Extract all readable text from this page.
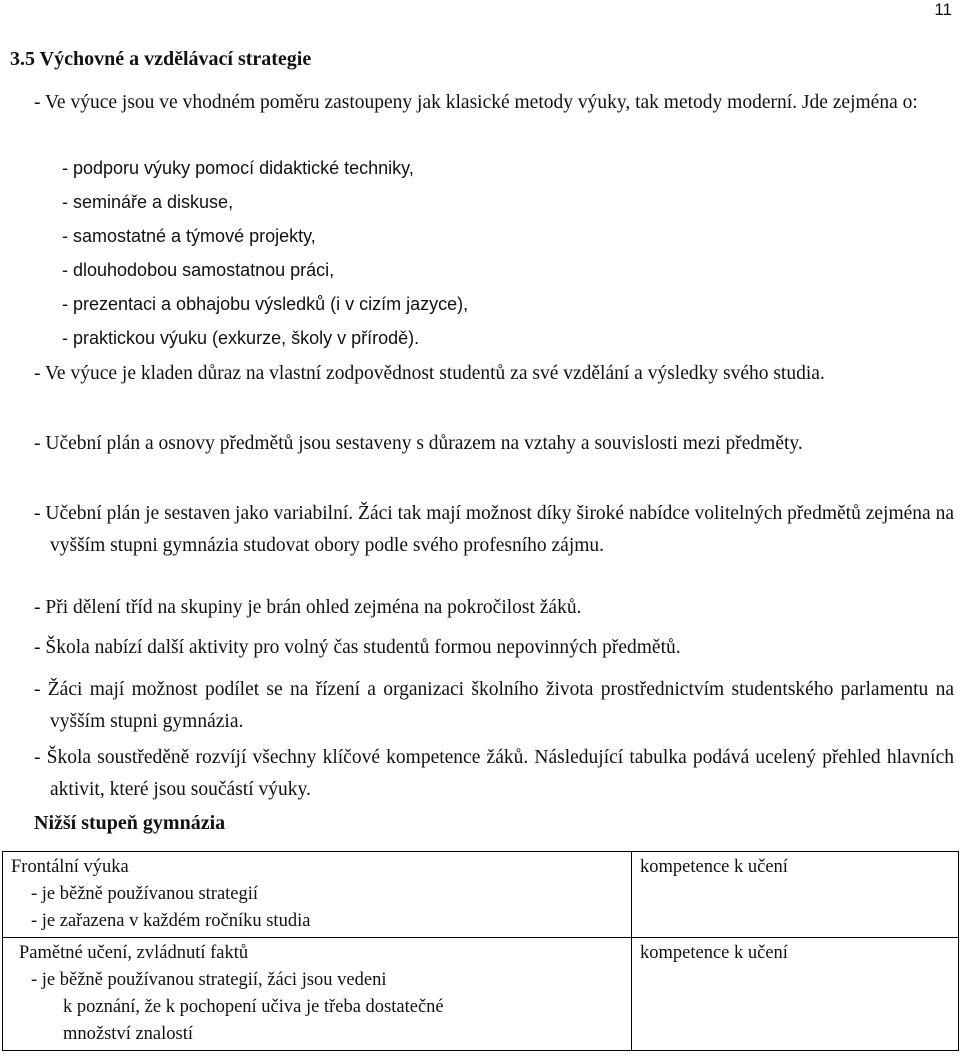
11
3.5 Výchovné a vzdělávací strategie
- Ve výuce jsou ve vhodném poměru zastoupeny jak klasické metody výuky, tak metody moderní. Jde zejména o:
- podporu výuky pomocí didaktické techniky,
- semináře a diskuse,
- samostatné a týmové projekty,
- dlouhodobou samostatnou práci,
- prezentaci a obhajobu výsledků (i v cizím jazyce),
- praktickou výuku (exkurze, školy v přírodě).
- Ve výuce je kladen důraz na vlastní zodpovědnost studentů za své vzdělání a výsledky svého studia.
- Učební plán a osnovy předmětů jsou sestaveny s důrazem na vztahy a souvislosti mezi předměty.
- Učební plán je sestaven jako variabilní. Žáci tak mají možnost díky široké nabídce volitelných předmětů zejména na vyšším stupni gymnázia studovat obory podle svého profesního zájmu.
- Při dělení tříd na skupiny je brán ohled zejména na pokročilost žáků.
- Škola nabízí další aktivity pro volný čas studentů formou nepovinných předmětů.
- Žáci mají možnost podílet se na řízení a organizaci školního života prostřednictvím studentského parlamentu na vyšším stupni gymnázia.
- Škola soustředěně rozvíjí všechny klíčové kompetence žáků. Následující tabulka podává ucelený přehled hlavních aktivit, které jsou součástí výuky.
Nižší stupeň gymnázia
Frontální výuka
- je běžně používanou strategií
- je zařazena v každém ročníku studia	kompetence k učení

Pamětné učení, zvládnutí faktů
- je běžně používanou strategií, žáci jsou vedeni
k poznání, že k pochopení učiva je třeba dostatečné
množství znalostí	kompetence k učení
